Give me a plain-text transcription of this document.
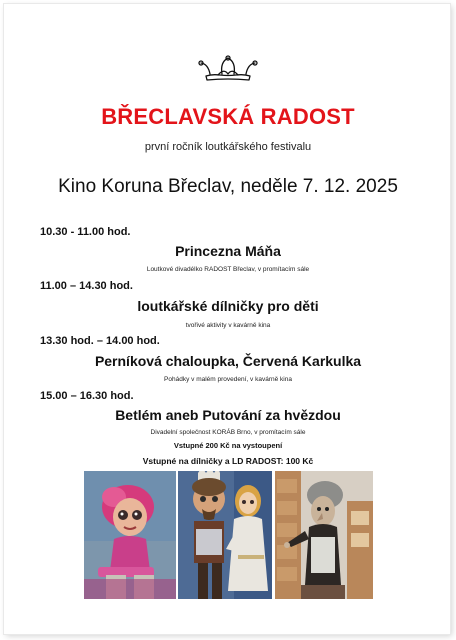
BŘECLAVSKÁ RADOST
první ročník loutkářského festivalu
Kino Koruna Břeclav, neděle 7. 12. 2025
10.30 - 11.00 hod.
Princezna Máňa
Loutkové divadélko RADOST Břeclav, v promítacím sále
11.00 – 14.30 hod.
loutkářské dílničky pro děti
tvořivé aktivity v kavárně kina
13.30 hod. – 14.00 hod.
Perníková chaloupka, Červená Karkulka
Pohádky v malém provedení, v kavárně kina
15.00 – 16.30 hod.
Betlém aneb Putování za hvězdou
Divadelní společnost KORÁB Brno, v promítacím sále
Vstupné 200 Kč na vystoupení
Vstupné na dílničky a LD RADOST: 100 Kč
